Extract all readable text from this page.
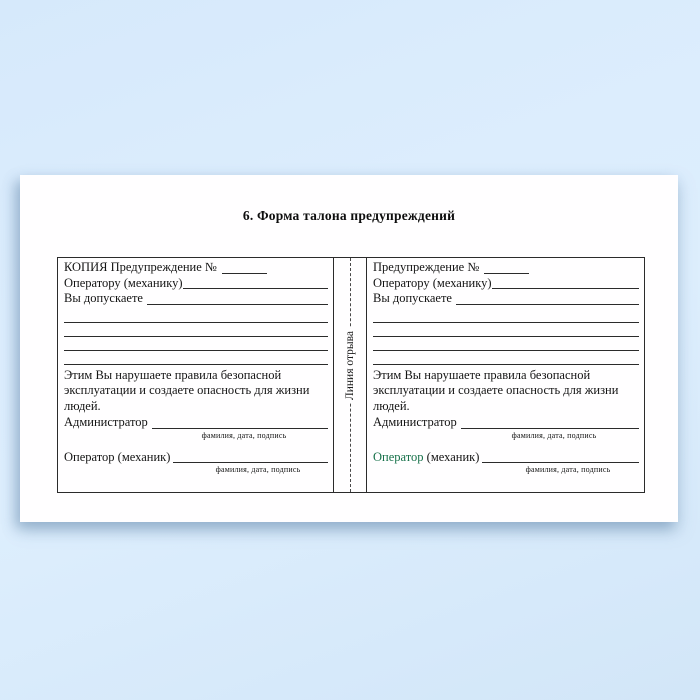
6. Форма талона предупреждений
КОПИЯ Предупреждение №
Оператору (механику)
Вы допускаете
Этим Вы нарушаете правила безопасной эксплуатации и создаете опасность для жизни людей.
Администратор
фамилия, дата, подпись
Оператор (механик)
фамилия, дата, подпись
Линия отрыва
Предупреждение №
Оператору (механику)
Вы допускаете
Этим Вы нарушаете правила безопасной эксплуатации и создаете опасность для жизни людей.
Администратор
фамилия, дата, подпись
Оператор (механик)
фамилия, дата, подпись
